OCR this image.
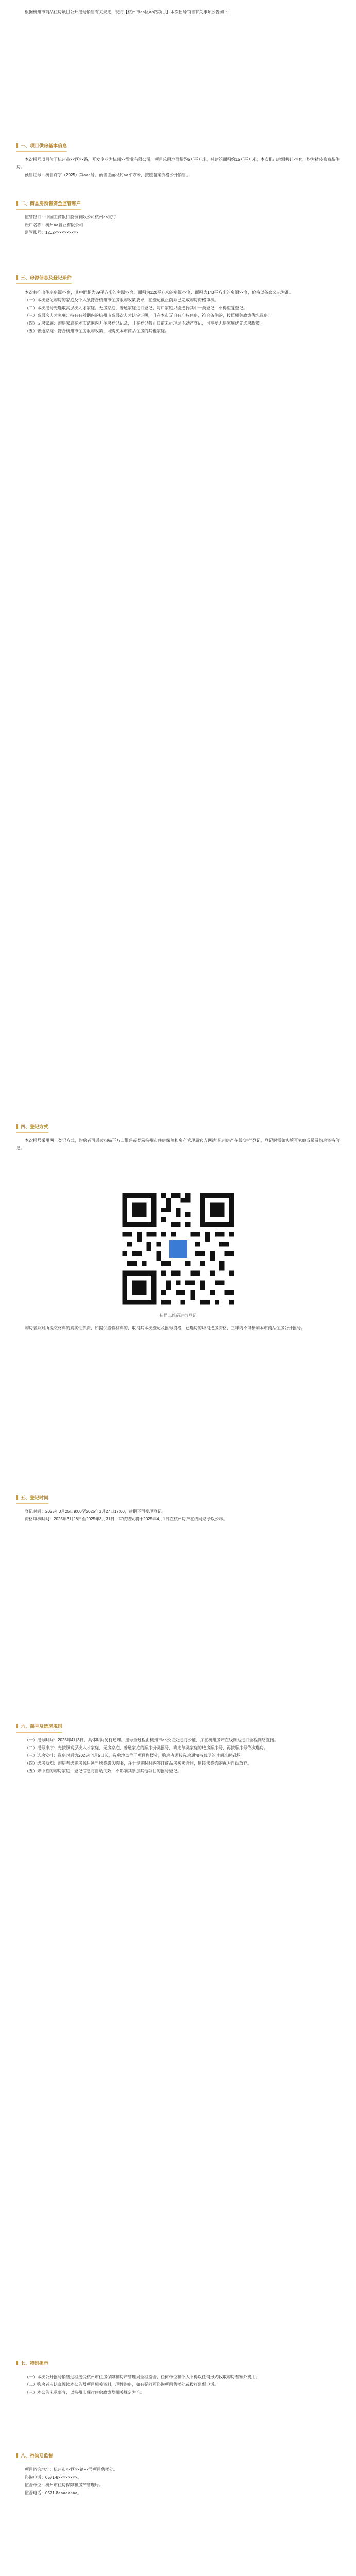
根据杭州市商品住房项目公开摇号销售有关规定，现将【杭州市××区××路项目】本次摇号销售有关事项公告如下：

一、项目供房基本信息

本次摇号项目位于杭州市××区××路，开发企业为杭州××置业有限公司，项目总用地面积约5万平方米，总建筑面积约15万平方米，本次推出房源共计××套，均为精装修商品住房。

预售证号：杭售许字（2025）第×××号，预售证面积约××平方米，按照备案价格公开销售。

二、商品房预售资金监管账户

监管银行：中国工商银行股份有限公司杭州××支行

账户名称：杭州××置业有限公司

监管账号：1202××××××××××

三、房源信息及登记条件

本次共推出住房房源××套，其中面积为89平方米的房源××套、面积为120平方米的房源××套、面积为143平方米的房源××套，价格以备案公示为准。

（一）本次登记购房的家庭及个人须符合杭州市住房限购政策要求，在登记截止前须已完成购房资格审核。

（二）本次摇号先选取高层次人才家庭、无房家庭、普通家庭进行登记，每户家庭只能选择其中一类登记，不得重复登记。

（三）高层次人才家庭：持有有效期内的杭州市高层次人才认定证明，且在本市无自有产权住房，符合条件的，按照相关政策优先选房。

（四）无房家庭：购房家庭在本市范围内无住房登记记录，且在登记截止日前未办理过不动产登记，可享受无房家庭优先选房政策。

（五）普通家庭：符合杭州市住房限购政策、可购买本市商品住房的其他家庭。

四、登记方式

本次摇号采用网上登记方式，购房者可通过扫描下方二维码或登录杭州市住房保障和房产管理局官方网站"杭州房产在线"进行登记，登记时需如实填写家庭成员及购房资格信息。

扫描二维码进行登记

购房者须对所提交材料的真实性负责，如提供虚假材料的，取消其本次登记及摇号资格，已选房的取消选房资格，三年内不得参加本市商品住房公开摇号。

五、登记时间

登记时间：2025年3月25日9:00至2025年3月27日17:00，逾期不再受理登记。

资格审核时间：2025年3月28日至2025年3月31日，审核结果将于2025年4月1日在杭州房产在线网站予以公示。

六、摇号及选房规则

（一）摇号时间：2025年4月3日，具体时间另行通知。摇号全过程由杭州市××公证处进行公证，并在杭州房产在线网站进行全程网络直播。

（二）摇号排序：先按照高层次人才家庭、无房家庭、普通家庭的顺序分类摇号，确定每类家庭的选房顺序号，再按顺序号依次选房。

（三）选房安排：选房时间为2025年4月5日起，选房地点位于项目售楼处，购房者须按选房通知书载明的时间准时到场。

（四）选房须知：购房者选定房源后须当场签署认购书，并于规定时间内签订商品房买卖合同，逾期未签约的视为自动放弃。

（五）未中签的购房家庭，登记信息将自动失效，不影响其参加其他项目的摇号登记。

七、特别提示

（一）本次公开摇号销售过程接受杭州市住房保障和房产管理局全程监督，任何单位和个人不得以任何形式收取购房者额外费用。

（二）购房者应认真阅读本公告及项目相关资料，理性购房，如有疑问可咨询项目售楼处或拨打监督电话。

（三）本公告未尽事宜，以杭州市现行住房政策及相关规定为准。

八、咨询及监督

项目咨询地址：杭州市××区××路××号项目售楼处。

咨询电话：0571-8××××××××。

监督单位：杭州市住房保障和房产管理局。

监督电话：0571-8××××××××。
